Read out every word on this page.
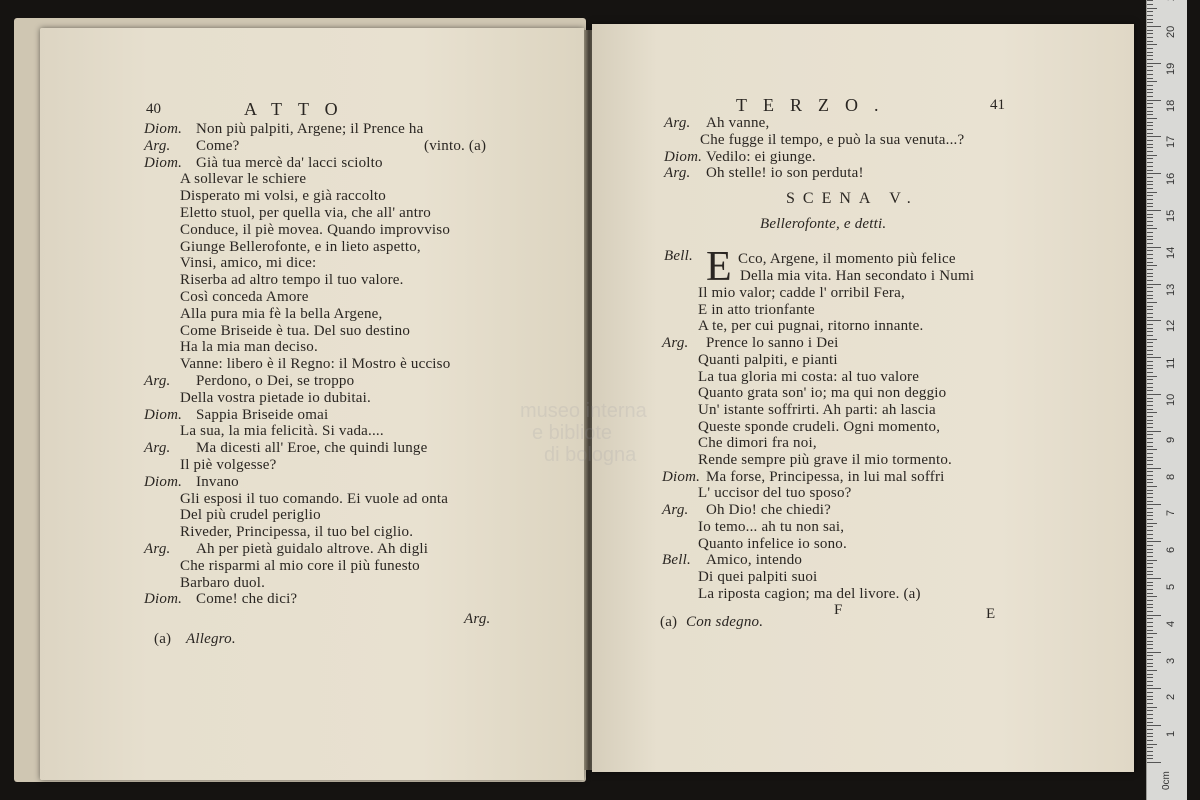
40	ATTO
Diom. Non più palpiti, Argene; il Prence ha
Arg. Come?	(vinto. (a)
Diom. Già tua mercè da' lacci sciolto
A sollevar le schiere
Disperato mi volsi, e già raccolto
Eletto stuol, per quella via, che all' antro
Conduce, il piè movea. Quando improvviso
Giunge Bellerofonte, e in lieto aspetto,
Vinsi, amico, mi dice:
Riserba ad altro tempo il tuo valore.
Così conceda Amore
Alla pura mia fè la bella Argene,
Come Briseide è tua. Del suo destino
Ha la mia man deciso.
Vanne: libero è il Regno: il Mostro è ucciso
Arg. Perdono, o Dei, se troppo
Della vostra pietade io dubitai.
Diom. Sappia Briseide omai
La sua, la mia felicità. Si vada....
Arg. Ma dicesti all' Eroe, che quindi lunge
Il piè volgesse?
Diom. Invano
Gli esposi il tuo comando. Ei vuole ad onta
Del più crudel periglio
Riveder, Principessa, il tuo bel ciglio.
Arg. Ah per pietà guidalo altrove. Ah digli
Che risparmi al mio core il più funesto
Barbaro duol.
Diom. Come! che dici?
Arg.
(a) Allegro.
TERZO.	41
Arg. Ah vanne,
Che fugge il tempo, e può la sua venuta...?
Diom. Vedilo: ei giunge.
Arg. Oh stelle! io son perduta!
SCENA V.
Bellerofonte, e detti.
Bell. E Cco, Argene, il momento più felice
Della mia vita. Han secondato i Numi
Il mio valor; cadde l' orribil Fera,
E in atto trionfante
A te, per cui pugnai, ritorno innante.
Arg. Prence lo sanno i Dei
Quanti palpiti, e pianti
La tua gloria mi costa: al tuo valore
Quanto grata son' io; ma qui non deggio
Un' istante soffrirti. Ah parti: ah lascia
Queste sponde crudeli. Ogni momento,
Che dimori fra noi,
Rende sempre più grave il mio tormento.
Diom. Ma forse, Principessa, in lui mal soffri
L' uccisor del tuo sposo?
Arg. Oh Dio! che chiedi?
Io temo... ah tu non sai,
Quanto infelice io sono.
Bell. Amico, intendo
Di quei palpiti suoi
La riposta cagion; ma del livore. (a)
F	E
(a) Con sdegno.
museo interna
e bibliote
di bologna
1
2
3
4
5
6
7
8
9
10
11
12
13
14
15
16
17
18
19
20
0cm
